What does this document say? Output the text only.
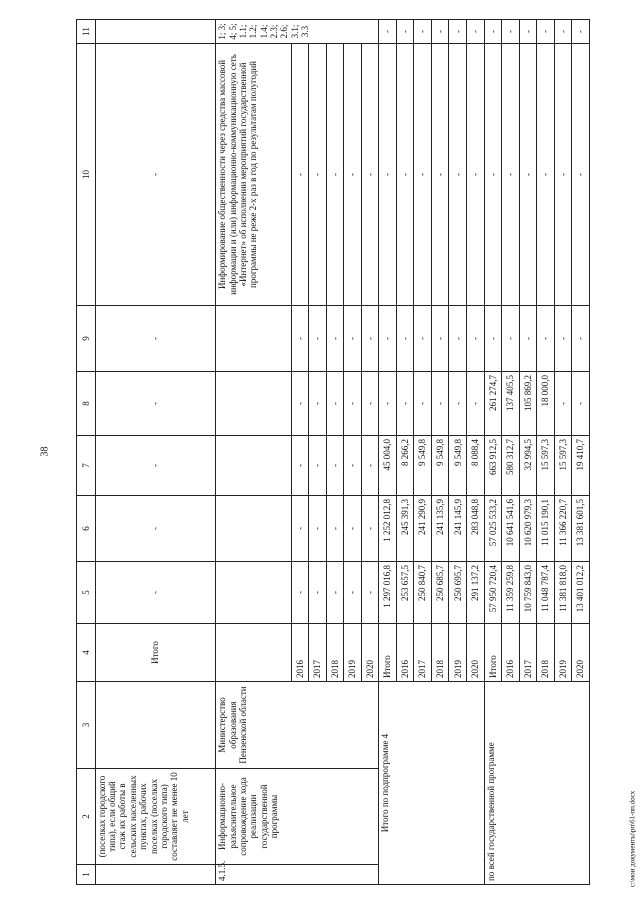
38
1	2	3	4	5	6	7	8	9	10	11
	(поселках городского типа), если общий стаж их работы в сельских населенных пунктах, рабочих поселках (поселках городского типа) составляет не менее 10 лет		Итого	-	-	-	-	-	-	
4.1.5.	Информационно-разъяснительное сопровождение хода реализации государственной программы	Министерство образования Пензенской области							Информирование общественности через средства массовой информации и (или) информационно-коммуникационную сеть «Интернет» об исполнении мероприятий государственной программы не реже 2-х раз в год по результатам полугодий	1; 3; 4; 5; 1.1; 1.2; 1.4; 2.3; 2.6; 3.1; 3.3
			2016	-	-	-	-	-	-	
			2017	-	-	-	-	-	-	
			2018	-	-	-	-	-	-	
			2019	-	-	-	-	-	-	
			2020	-	-	-	-	-	-	
Итого по подпрограмме 4			Итого	1 297 016,8	1 252 012,8	45 004,0	-	-	-	-
			2016	253 657,5	245 391,3	8 266,2	-	-	-	-
			2017	250 840,7	241 290,9	9 549,8	-	-	-	-
			2018	250 685,7	241 135,9	9 549,8	-	-	-	-
			2019	250 695,7	241 145,9	9 549,8	-	-	-	-
			2020	291 137,2	283 048,8	8 088,4	-	-	-	-
по всей государственной программе			Итого	57 950 720,4	57 025 533,2	663 912,5	261 274,7	-	-	-
			2016	11 359 259,8	10 641 541,6	580 312,7	137 405,5	-	-	-
			2017	10 759 843,0	10 620 979,3	32 994,5	105 869,2	-	-	-
			2018	11 048 787,4	11 015 190,1	15 597,3	18 000,0	-	-	-
			2019	11 381 818,0	11 366 220,7	15 597,3	-	-	-	-
			2020	13 401 012,2	13 381 601,5	19 410,7	-	-	-	-
c:\мои документы\рп\61-пп.docx
